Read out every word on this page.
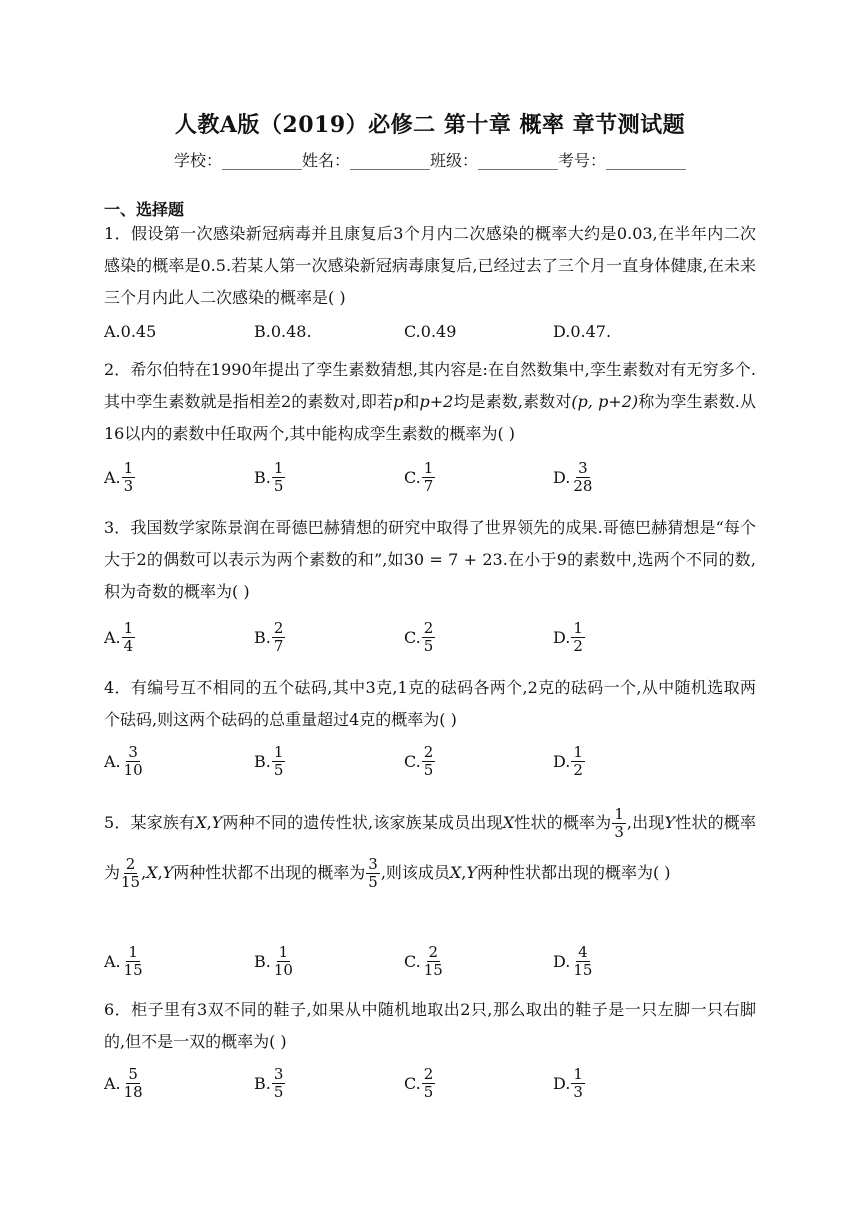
人教A版（2019）必修二 第十章 概率 章节测试题
学校：__________姓名：__________班级：__________考号：__________
一、选择题
1．假设第一次感染新冠病毒并且康复后3个月内二次感染的概率大约是0.03,在半年内二次感染的概率是0.5.若某人第一次感染新冠病毒康复后,已经过去了三个月一直身体健康,在未来三个月内此人二次感染的概率是( )
A.0.45	B.0.48.	C.0.49	D.0.47.
2．希尔伯特在1990年提出了孪生素数猜想,其内容是:在自然数集中,孪生素数对有无穷多个.其中孪生素数就是指相差2的素数对,即若p和p+2均是素数,素数对(p, p+2)称为孪生素数.从16以内的素数中任取两个,其中能构成孪生素数的概率为( )
A. $\frac{1}{3}$	B. $\frac{1}{5}$	C. $\frac{1}{7}$	D. $\frac{3}{28}$
3．我国数学家陈景润在哥德巴赫猜想的研究中取得了世界领先的成果.哥德巴赫猜想是“每个大于2的偶数可以表示为两个素数的和”,如30 = 7 + 23.在小于9的素数中,选两个不同的数,积为奇数的概率为( )
A. $\frac{1}{4}$	B. $\frac{2}{7}$	C. $\frac{2}{5}$	D. $\frac{1}{2}$
4．有编号互不相同的五个砝码,其中3克,1克的砝码各两个,2克的砝码一个,从中随机选取两个砝码,则这两个砝码的总重量超过4克的概率为( )
A. $\frac{3}{10}$	B. $\frac{1}{5}$	C. $\frac{2}{5}$	D. $\frac{1}{2}$
5．某家族有X,Y两种不同的遗传性状,该家族某成员出现X性状的概率为 $\frac{1}{3}$ ,出现Y性状的概率为 $\frac{2}{15} ,X,Y$两种性状都不出现的概率为 $\frac{3}{5}$ ,则该成员X,Y两种性状都出现的概率为( )
A. $\frac{1}{15}$	B. $\frac{1}{10}$	C. $\frac{2}{15}$	D. $\frac{4}{15}$
6．柜子里有3双不同的鞋子,如果从中随机地取出2只,那么取出的鞋子是一只左脚一只右脚的,但不是一双的概率为( )
A. $\frac{5}{18}$	B. $\frac{3}{5}$	C. $\frac{2}{5}$	D. $\frac{1}{3}$
